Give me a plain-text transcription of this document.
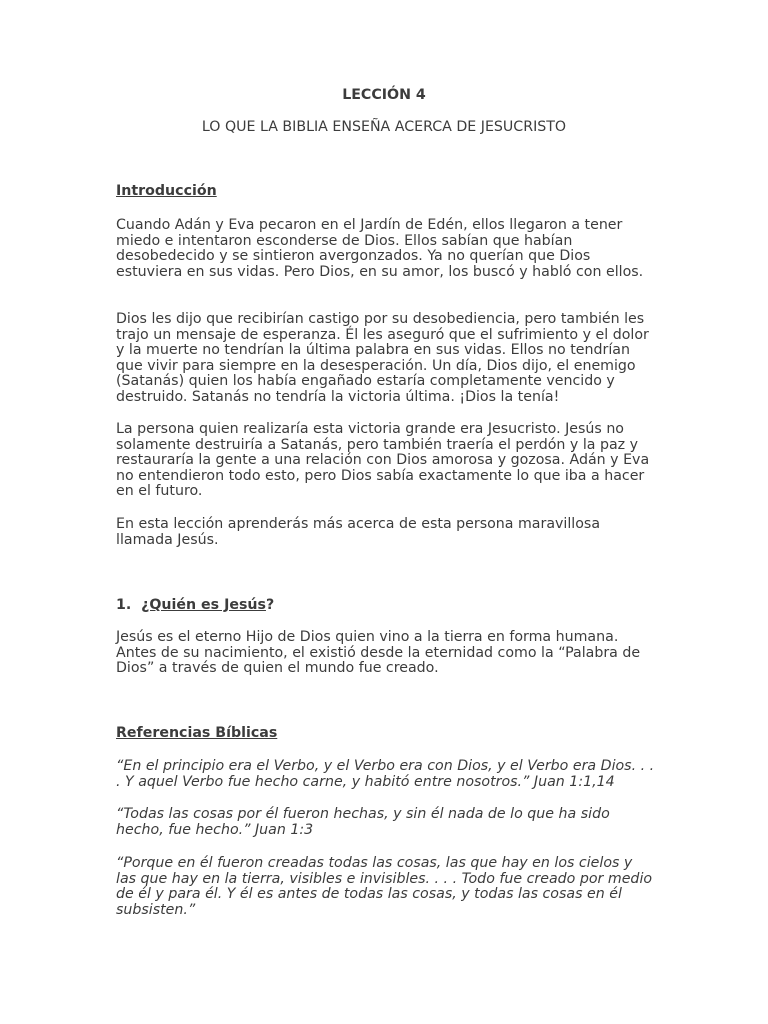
LECCIÓN 4

LO QUE LA BIBLIA ENSEÑA ACERCA DE JESUCRISTO

Introducción

Cuando Adán y Eva pecaron en el Jardín de Edén, ellos llegaron a tener miedo e intentaron esconderse de Dios. Ellos sabían que habían desobedecido y se sintieron avergonzados. Ya no querían que Dios estuviera en sus vidas. Pero Dios, en su amor, los buscó y habló con ellos.

Dios les dijo que recibirían castigo por su desobediencia, pero también les trajo un mensaje de esperanza. Él les aseguró que el sufrimiento y el dolor y la muerte no tendrían la última palabra en sus vidas. Ellos no tendrían que vivir para siempre en la desesperación. Un día, Dios dijo, el enemigo (Satanás) quien los había engañado estaría completamente vencido y destruido. Satanás no tendría la victoria última. ¡Dios la tenía!

La persona quien realizaría esta victoria grande era Jesucristo. Jesús no solamente destruiría a Satanás, pero también traería el perdón y la paz y restauraría la gente a una relación con Dios amorosa y gozosa. Adán y Eva no entendieron todo esto, pero Dios sabía exactamente lo que iba a hacer en el futuro.

En esta lección aprenderás más acerca de esta persona maravillosa llamada Jesús.

1.  ¿Quién es Jesús?

Jesús es el eterno Hijo de Dios quien vino a la tierra en forma humana. Antes de su nacimiento, el existió desde la eternidad como la “Palabra de Dios” a través de quien el mundo fue creado.

Referencias Bíblicas

“En el principio era el Verbo, y el Verbo era con Dios, y el Verbo era Dios. . . . Y aquel Verbo fue hecho carne, y habitó entre nosotros.” Juan 1:1,14

“Todas las cosas por él fueron hechas, y sin él nada de lo que ha sido hecho, fue hecho.” Juan 1:3

“Porque en él fueron creadas todas las cosas, las que hay en los cielos y las que hay en la tierra, visibles e invisibles. . . . Todo fue creado por medio de él y para él. Y él es antes de todas las cosas, y todas las cosas en él subsisten.”
